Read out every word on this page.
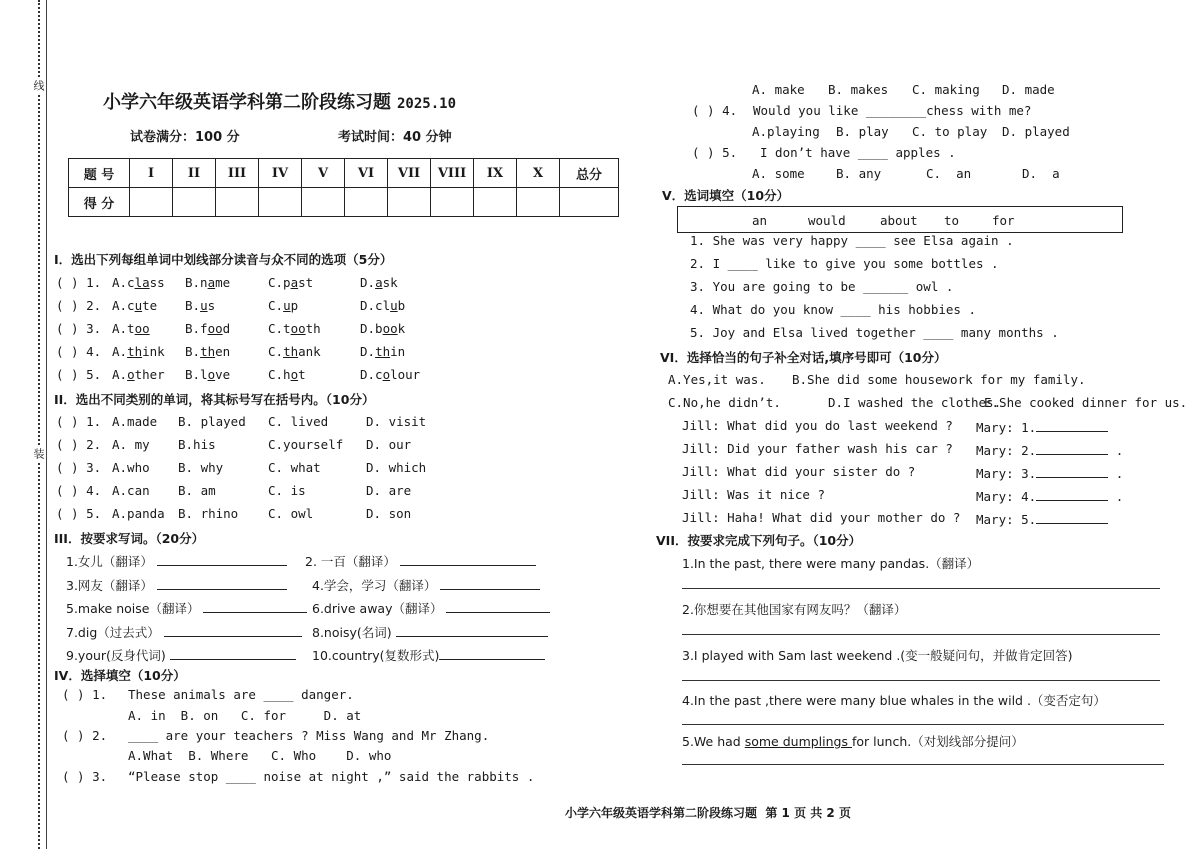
线
装
小学六年级英语学科第二阶段练习题 2025.10
试卷满分：100 分	考试时间：40 分钟
题 号	I	II	III	IV	V	VI	VII	VIII	IX	X	总分
得 分											
I．选出下列每组单词中划线部分读音与众不同的选项（5分）
( ) 1. A.class B.name	C.past	D.ask
( ) 2. A.cute B.us	C.up	D.club
( ) 3. A.too	B.food	C.tooth	D.book
( ) 4. A.think B.then	C.thank	D.thin
( ) 5. A.other B.love	C.hot	D.colour
II．选出不同类别的单词，将其标号写在括号内。（10分）
( ) 1. A.made B. played C. lived	D. visit
( ) 2. A. my B.his	C.yourself D. our
( ) 3. A.who B. why	C. what	D. which
( ) 4. A.can B. am	C. is	D. are
( ) 5. A.panda B. rhino C. owl	D. son
III．按要求写词。（20分）
1.女儿（翻译）	2. 一百（翻译）
3.网友（翻译）	4.学会，学习（翻译）
5.make noise（翻译）	6.drive away（翻译）
7.dig（过去式）	8.noisy(名词)
9.your(反身代词)	10.country(复数形式)
IV．选择填空（10分）
( ) 1. These animals are ____ danger.
A. in  B. on   C. for     D. at
( ) 2. ____ are your teachers ? Miss Wang and Mr Zhang.
A.What  B. Where   C. Who    D. who
( ) 3. “Please stop ____ noise at night ,” said the rabbits .
A. make B. makes C. making D. made
( ) 4. Would you like ________chess with me?
A.playing B. play C. to play D. played
( ) 5. I don’t have ____ apples .
A. some	B. any	C.  an	D.  a
V．选词填空（10分）
an	would	about to	for
1. She was very happy ____ see Elsa again .
2. I ____ like to give you some bottles .
3. You are going to be ______ owl .
4. What do you know ____ his hobbies .
5. Joy and Elsa lived together ____ many months .
VI．选择恰当的句子补全对话,填序号即可（10分）
A.Yes,it was. B.She did some housework for my family.
C.No,he didn’t.	D.I washed the clothes.
E.She cooked dinner for us.
Jill: What did you do last weekend ? Mary: 1.
Jill: Did your father wash his car ? Mary: 2.	.
Jill: What did your sister do ?	Mary: 3.	.
Jill: Was it nice ?	Mary: 4.	.
Jill: Haha! What did your mother do ? Mary: 5.
VII．按要求完成下列句子。（10分）
1.In the past, there were many pandas.（翻译）
2.你想要在其他国家有网友吗？（翻译）
3.I played with Sam last weekend .(变一般疑问句，并做肯定回答)
4.In the past ,there were many blue whales in the wild .（变否定句）
5.We had some dumplings for lunch.（对划线部分提问）
小学六年级英语学科第二阶段练习题 第 1 页 共 2 页
